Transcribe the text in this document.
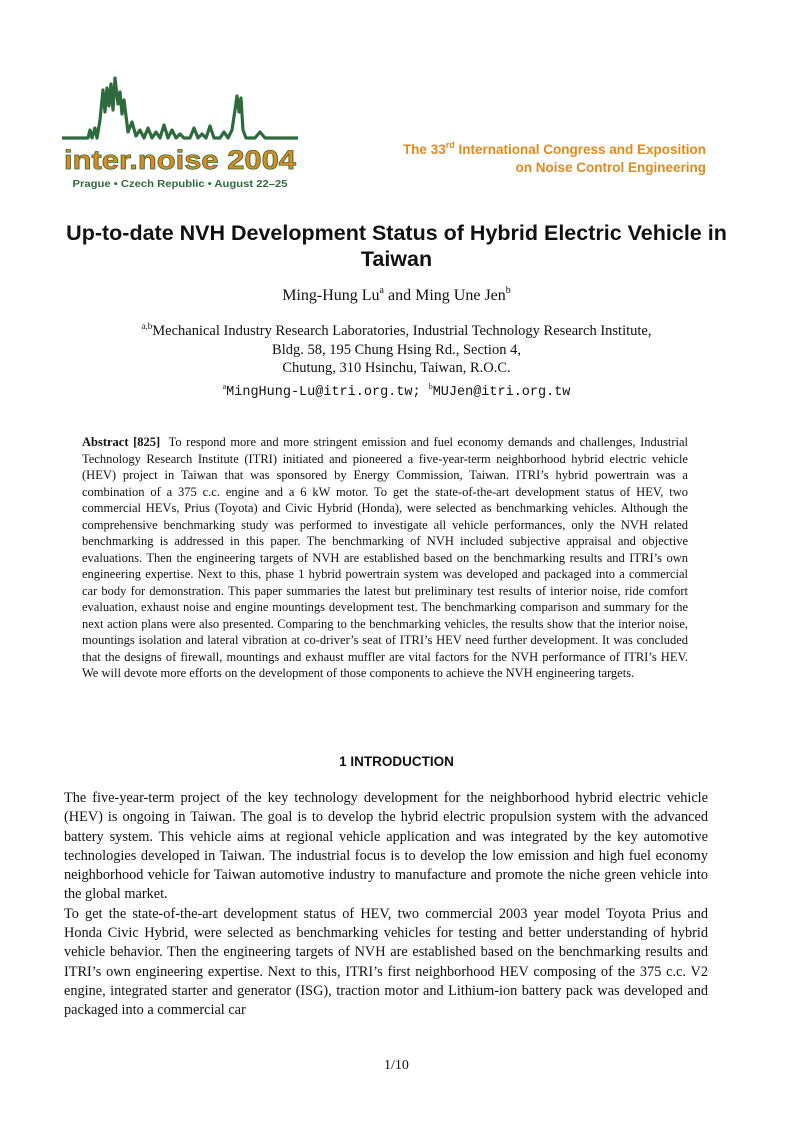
inter.noise 2004
Prague • Czech Republic • August 22–25
The 33rd International Congress and Exposition
on Noise Control Engineering
Up-to-date NVH Development Status of Hybrid Electric Vehicle in Taiwan
Ming-Hung Lu$^a$ and Ming Une Jen$^b$
$^{a,b}$Mechanical Industry Research Laboratories, Industrial Technology Research Institute,
Bldg. 58, 195 Chung Hsing Rd., Section 4,
Chutung, 310 Hsinchu, Taiwan, R.O.C.
$^a$MingHung-Lu@itri.org.tw; $^b$MUJen@itri.org.tw

Abstract [825] To respond more and more stringent emission and fuel economy demands and challenges, Industrial Technology Research Institute (ITRI) initiated and pioneered a five-year-term neighborhood hybrid electric vehicle (HEV) project in Taiwan that was sponsored by Energy Commission, Taiwan. ITRI’s hybrid powertrain was a combination of a 375 c.c. engine and a 6 kW motor. To get the state-of-the-art development status of HEV, two commercial HEVs, Prius (Toyota) and Civic Hybrid (Honda), were selected as benchmarking vehicles. Although the comprehensive benchmarking study was performed to investigate all vehicle performances, only the NVH related benchmarking is addressed in this paper. The benchmarking of NVH included subjective appraisal and objective evaluations. Then the engineering targets of NVH are established based on the benchmarking results and ITRI’s own engineering expertise. Next to this, phase 1 hybrid powertrain system was developed and packaged into a commercial car body for demonstration. This paper summaries the latest but preliminary test results of interior noise, ride comfort evaluation, exhaust noise and engine mountings development test. The benchmarking comparison and summary for the next action plans were also presented. Comparing to the benchmarking vehicles, the results show that the interior noise, mountings isolation and lateral vibration at co-driver’s seat of ITRI’s HEV need further development. It was concluded that the designs of firewall, mountings and exhaust muffler are vital factors for the NVH performance of ITRI’s HEV. We will devote more efforts on the development of those components to achieve the NVH engineering targets.

1 INTRODUCTION

The five-year-term project of the key technology development for the neighborhood hybrid electric vehicle (HEV) is ongoing in Taiwan. The goal is to develop the hybrid electric propulsion system with the advanced battery system. This vehicle aims at regional vehicle application and was integrated by the key automotive technologies developed in Taiwan. The industrial focus is to develop the low emission and high fuel economy neighborhood vehicle for Taiwan automotive industry to manufacture and promote the niche green vehicle into the global market.

To get the state-of-the-art development status of HEV, two commercial 2003 year model Toyota Prius and Honda Civic Hybrid, were selected as benchmarking vehicles for testing and better understanding of hybrid vehicle behavior. Then the engineering targets of NVH are established based on the benchmarking results and ITRI’s own engineering expertise. Next to this, ITRI’s first neighborhood HEV composing of the 375 c.c. V2 engine, integrated starter and generator (ISG), traction motor and Lithium-ion battery pack was developed and packaged into a commercial car

1/10
